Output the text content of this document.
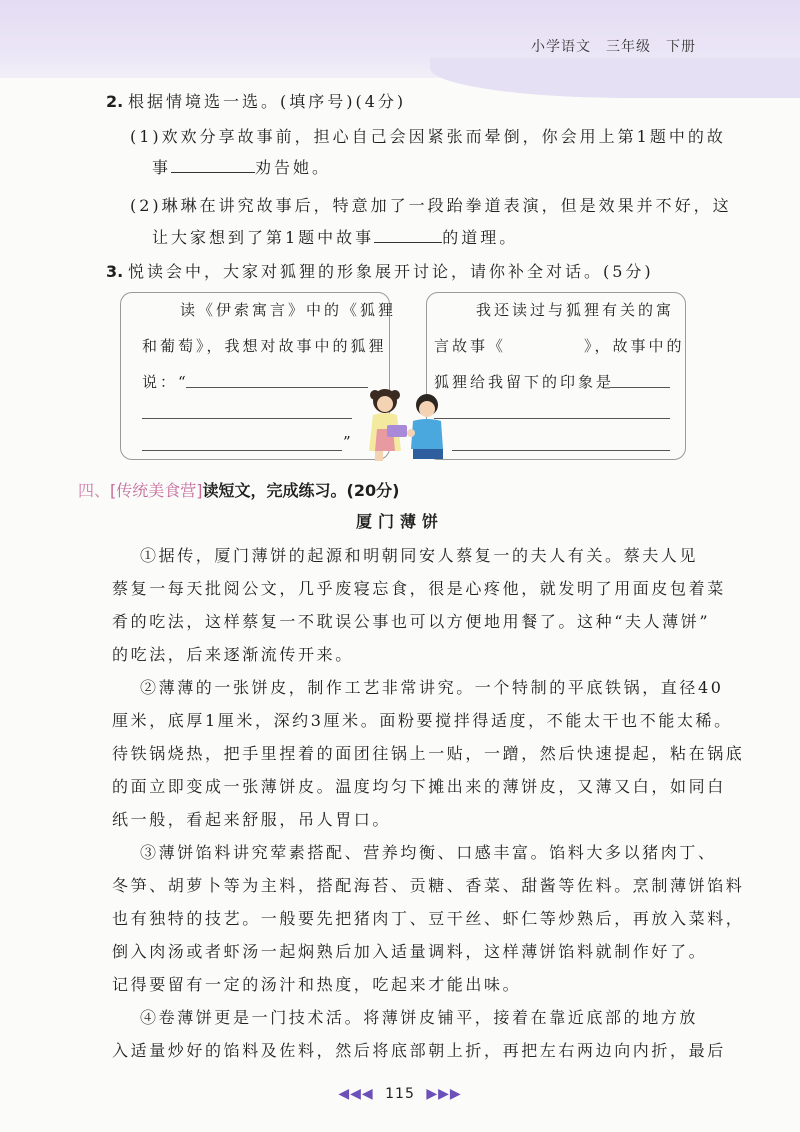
小学语文　三年级　下册
2. 根据情境选一选。(填序号)(4分)
(1)欢欢分享故事前，担心自己会因紧张而晕倒，你会用上第1题中的故
事	劝告她。
(2)琳琳在讲究故事后，特意加了一段跆拳道表演，但是效果并不好，这
让大家想到了第1题中故事	的道理。
3. 悦读会中，大家对狐狸的形象展开讨论，请你补全对话。(5分)
读《伊索寓言》中的《狐狸
和葡萄》，我想对故事中的狐狸
说：“
”
我还读过与狐狸有关的寓
言故事《	》，故事中的
狐狸给我留下的印象是
四、[传统美食营]读短文，完成练习。(20分)
厦门薄饼
①据传，厦门薄饼的起源和明朝同安人蔡复一的夫人有关。蔡夫人见
蔡复一每天批阅公文，几乎废寝忘食，很是心疼他，就发明了用面皮包着菜
肴的吃法，这样蔡复一不耽误公事也可以方便地用餐了。这种“夫人薄饼”
的吃法，后来逐渐流传开来。
②薄薄的一张饼皮，制作工艺非常讲究。一个特制的平底铁锅，直径40
厘米，底厚1厘米，深约3厘米。面粉要搅拌得适度，不能太干也不能太稀。
待铁锅烧热，把手里捏着的面团往锅上一贴，一蹭，然后快速提起，粘在锅底
的面立即变成一张薄饼皮。温度均匀下摊出来的薄饼皮，又薄又白，如同白
纸一般，看起来舒服，吊人胃口。
③薄饼馅料讲究荤素搭配、营养均衡、口感丰富。馅料大多以猪肉丁、
冬笋、胡萝卜等为主料，搭配海苔、贡糖、香菜、甜酱等佐料。烹制薄饼馅料
也有独特的技艺。一般要先把猪肉丁、豆干丝、虾仁等炒熟后，再放入菜料，
倒入肉汤或者虾汤一起焖熟后加入适量调料，这样薄饼馅料就制作好了。
记得要留有一定的汤汁和热度，吃起来才能出味。
④卷薄饼更是一门技术活。将薄饼皮铺平，接着在靠近底部的地方放
入适量炒好的馅料及佐料，然后将底部朝上折，再把左右两边向内折，最后
◀◀◀ 115 ▶▶▶
